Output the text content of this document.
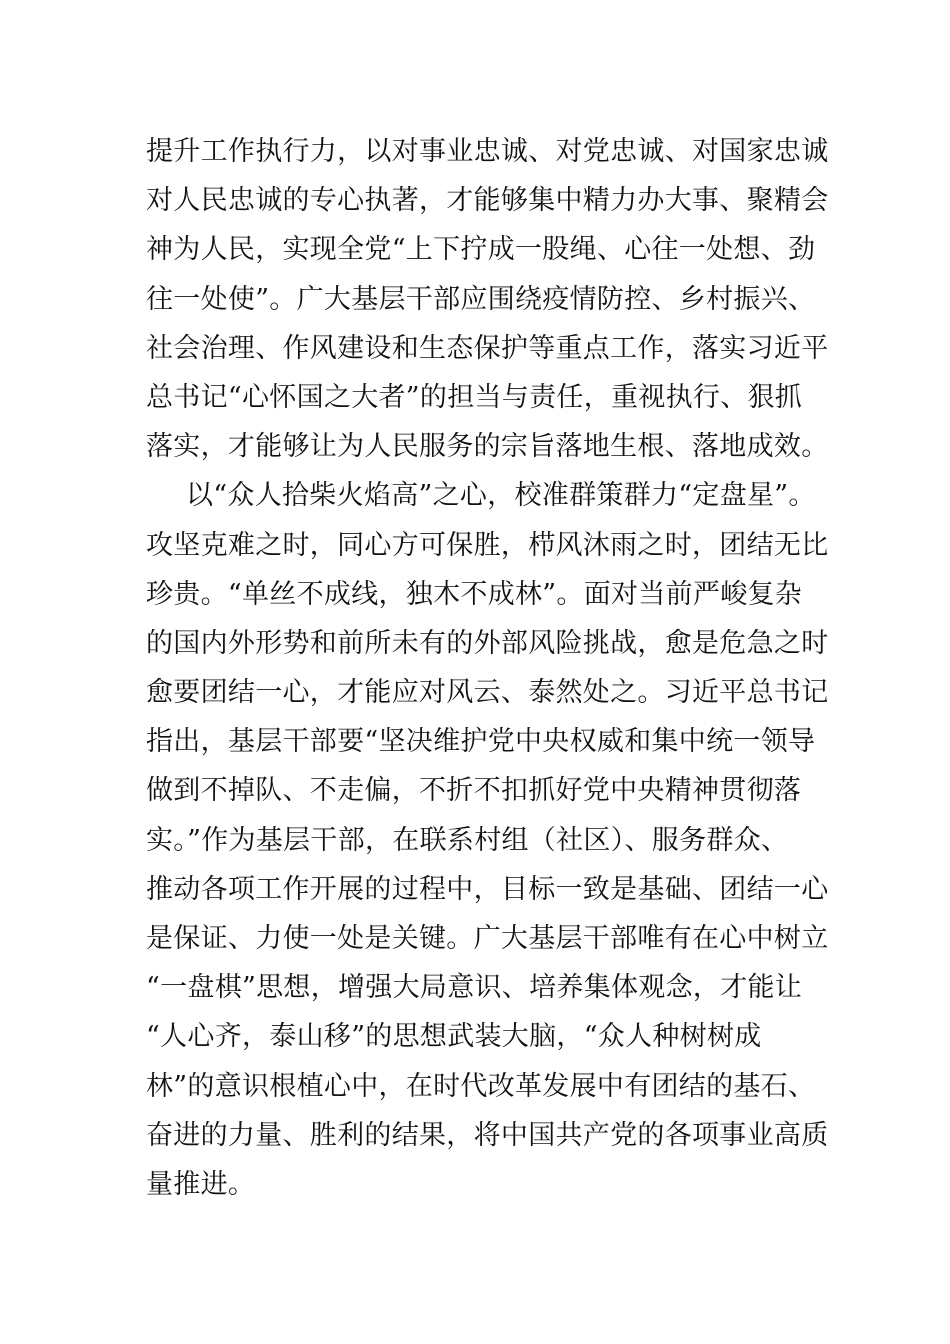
提升工作执行力，以对事业忠诚、对党忠诚、对国家忠诚
对人民忠诚的专心执著，才能够集中精力办大事、聚精会
神为人民，实现全党“上下拧成一股绳、心往一处想、劲
往一处使”。广大基层干部应围绕疫情防控、乡村振兴、
社会治理、作风建设和生态保护等重点工作，落实习近平
总书记“心怀国之大者”的担当与责任，重视执行、狠抓
落实，才能够让为人民服务的宗旨落地生根、落地成效。
以“众人拾柴火焰高”之心，校准群策群力“定盘星”。
攻坚克难之时，同心方可保胜，栉风沐雨之时，团结无比
珍贵。“单丝不成线，独木不成林”。面对当前严峻复杂
的国内外形势和前所未有的外部风险挑战，愈是危急之时
愈要团结一心，才能应对风云、泰然处之。习近平总书记
指出，基层干部要“坚决维护党中央权威和集中统一领导
做到不掉队、不走偏，不折不扣抓好党中央精神贯彻落
实。”作为基层干部，在联系村组（社区）、服务群众、
推动各项工作开展的过程中，目标一致是基础、团结一心
是保证、力使一处是关键。广大基层干部唯有在心中树立
“一盘棋”思想，增强大局意识、培养集体观念，才能让
“人心齐，泰山移”的思想武装大脑，“众人种树树成
林”的意识根植心中，在时代改革发展中有团结的基石、
奋进的力量、胜利的结果，将中国共产党的各项事业高质
量推进。
